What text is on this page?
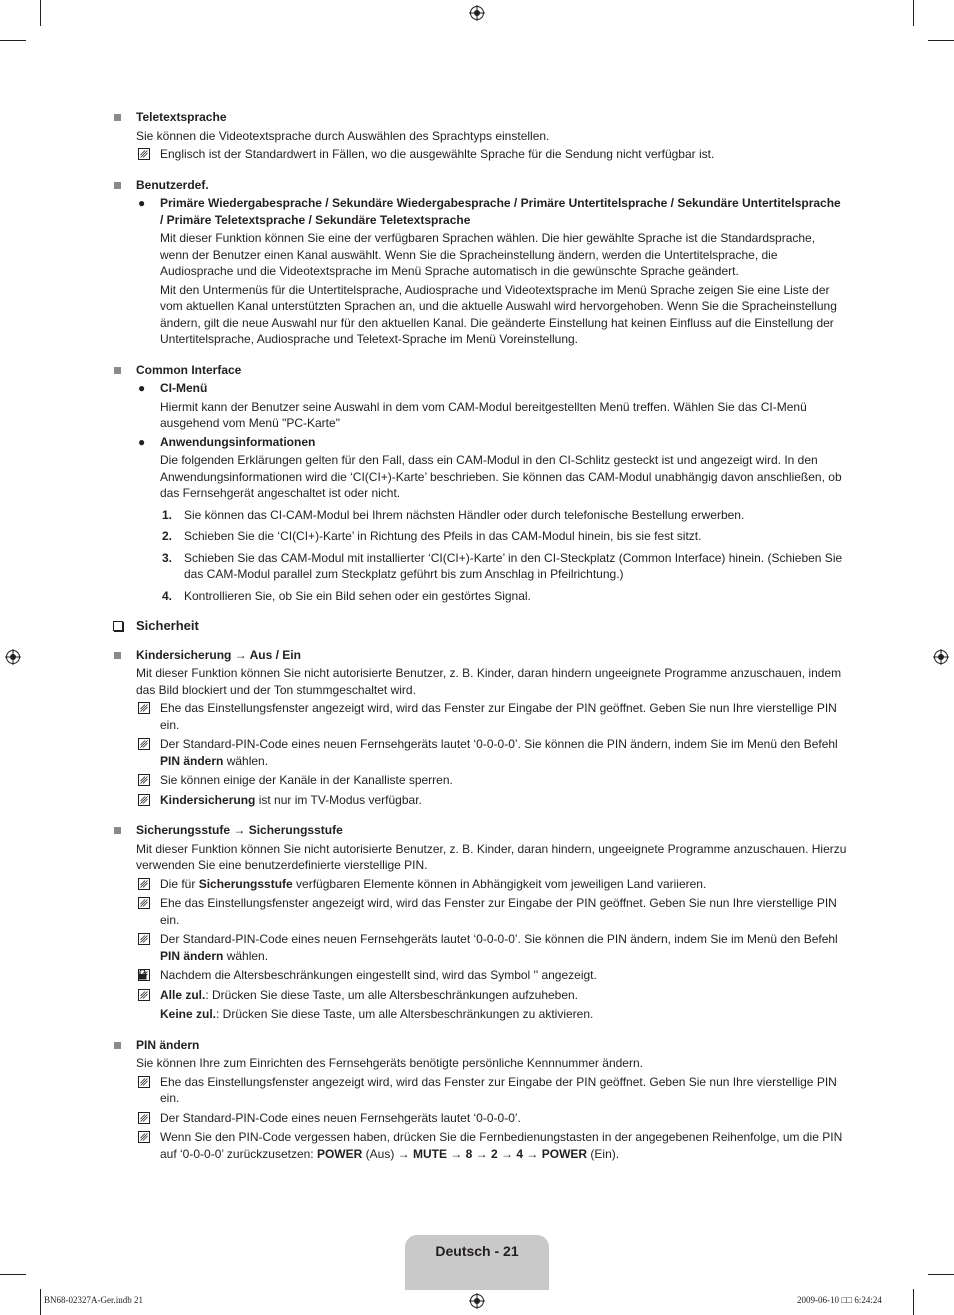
Teletextsprache

Sie können die Videotextsprache durch Auswählen des Sprachtyps einstellen.

Englisch ist der Standardwert in Fällen, wo die ausgewählte Sprache für die Sendung nicht verfügbar ist.

Benutzerdef.

● Primäre Wiedergabesprache / Sekundäre Wiedergabesprache / Primäre Untertitelsprache / Sekundäre Untertitelsprache / Primäre Teletextsprache / Sekundäre Teletextsprache

Mit dieser Funktion können Sie eine der verfügbaren Sprachen wählen. Die hier gewählte Sprache ist die Standardsprache, wenn der Benutzer einen Kanal auswählt. Wenn Sie die Spracheinstellung ändern, werden die Untertitelsprache, die Audiosprache und die Videotextsprache im Menü Sprache automatisch in die gewünschte Sprache geändert.

Mit den Untermenüs für die Untertitelsprache, Audiosprache und Videotextsprache im Menü Sprache zeigen Sie eine Liste der vom aktuellen Kanal unterstützten Sprachen an, und die aktuelle Auswahl wird hervorgehoben. Wenn Sie die Spracheinstellung ändern, gilt die neue Auswahl nur für den aktuellen Kanal. Die geänderte Einstellung hat keinen Einfluss auf die Einstellung der Untertitelsprache, Audiosprache und Teletext-Sprache im Menü Voreinstellung.

Common Interface

● CI-Menü

Hiermit kann der Benutzer seine Auswahl in dem vom CAM-Modul bereitgestellten Menü treffen. Wählen Sie das CI-Menü ausgehend vom Menü "PC-Karte"

● Anwendungsinformationen

Die folgenden Erklärungen gelten für den Fall, dass ein CAM-Modul in den CI-Schlitz gesteckt ist und angezeigt wird. In den Anwendungsinformationen wird die ‘CI(CI+)-Karte’ beschrieben. Sie können das CAM-Modul unabhängig davon anschließen, ob das Fernsehgerät angeschaltet ist oder nicht.

1. Sie können das CI-CAM-Modul bei Ihrem nächsten Händler oder durch telefonische Bestellung erwerben.
2. Schieben Sie die ‘CI(CI+)-Karte’ in Richtung des Pfeils in das CAM-Modul hinein, bis sie fest sitzt.
3. Schieben Sie das CAM-Modul mit installierter ‘CI(CI+)-Karte’ in den CI-Steckplatz (Common Interface) hinein. (Schieben Sie das CAM-Modul parallel zum Steckplatz geführt bis zum Anschlag in Pfeilrichtung.)
4. Kontrollieren Sie, ob Sie ein Bild sehen oder ein gestörtes Signal.
Sicherheit

Kindersicherung → Aus / Ein

Mit dieser Funktion können Sie nicht autorisierte Benutzer, z. B. Kinder, daran hindern ungeeignete Programme anzuschauen, indem das Bild blockiert und der Ton stummgeschaltet wird.

Ehe das Einstellungsfenster angezeigt wird, wird das Fenster zur Eingabe der PIN geöffnet. Geben Sie nun Ihre vierstellige PIN ein.
Der Standard-PIN-Code eines neuen Fernsehgeräts lautet ‘0-0-0-0’. Sie können die PIN ändern, indem Sie im Menü den Befehl PIN ändern wählen.
Sie können einige der Kanäle in der Kanalliste sperren.
Kindersicherung ist nur im TV-Modus verfügbar.

Sicherungsstufe → Sicherungsstufe

Mit dieser Funktion können Sie nicht autorisierte Benutzer, z. B. Kinder, daran hindern, ungeeignete Programme anzuschauen. Hierzu verwenden Sie eine benutzerdefinierte vierstellige PIN.

Die für Sicherungsstufe verfügbaren Elemente können in Abhängigkeit vom jeweiligen Land variieren.
Ehe das Einstellungsfenster angezeigt wird, wird das Fenster zur Eingabe der PIN geöffnet. Geben Sie nun Ihre vierstellige PIN ein.
Der Standard-PIN-Code eines neuen Fernsehgeräts lautet ‘0-0-0-0’. Sie können die PIN ändern, indem Sie im Menü den Befehl PIN ändern wählen.
Nachdem die Altersbeschränkungen eingestellt sind, wird das Symbol '
' angezeigt.

Alle zul.: Drücken Sie diese Taste, um alle Altersbeschränkungen aufzuheben.

Keine zul.: Drücken Sie diese Taste, um alle Altersbeschränkungen zu aktivieren.

PIN ändern

Sie können Ihre zum Einrichten des Fernsehgeräts benötigte persönliche Kennnummer ändern.

Ehe das Einstellungsfenster angezeigt wird, wird das Fenster zur Eingabe der PIN geöffnet. Geben Sie nun Ihre vierstellige PIN ein.
Der Standard-PIN-Code eines neuen Fernsehgeräts lautet ‘0-0-0-0’.
Wenn Sie den PIN-Code vergessen haben, drücken Sie die Fernbedienungstasten in der angegebenen Reihenfolge, um die PIN auf ‘0-0-0-0’ zurückzusetzen: POWER (Aus) → MUTE → 8 → 2 → 4 → POWER (Ein).
Deutsch - 21
BN68-02327A-Ger.indb 21	2009-06-10 □□ 6:24:24
